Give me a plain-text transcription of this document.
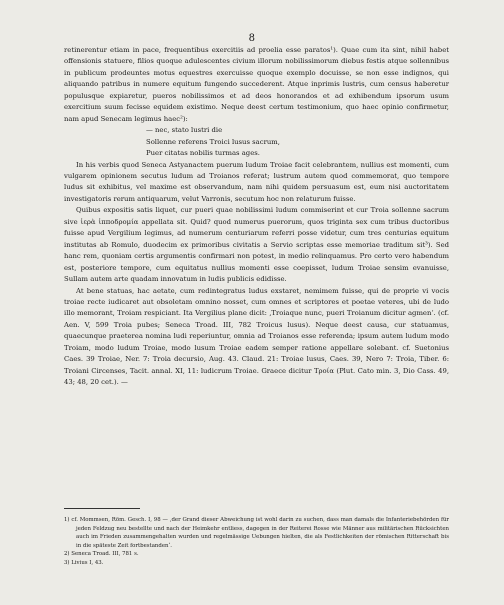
8

retinerentur etiam in pace, frequentibus exercitiis ad proelia esse paratos¹). Quae cum ita sint, nihil habet offensionis statuere, filios quoque adulescentes civium illorum nobilissimorum diebus festis atque sollennibus in publicum prodeuntes motus equestres exercuisse quoque exemplo docuisse, se non esse indignos, qui aliquando patribus in numere equitum fungendo succederent. Atque inprimis lustris, cum census haberetur populusque expiaretur, pueros nobilissimos et ad deos honorandos et ad exhibendum ipsorum usum exercitium suum fecisse equidem existimo. Neque deest certum testimonium, quo haec opinio confirmetur, nam apud Senecam legimus haec²):

— nec, stato lustri die
Sollenne referens Troici lusus sacrum,
Puer citatas nobilis turmas ages.

In his verbis quod Seneca Astyanactem puerum ludum Troiae facit celebrantem, nullius est momenti, cum vulgarem opinionem secutus ludum ad Troianos referat; lustrum autem quod commemorat, quo tempore ludus sit exhibitus, vel maxime est observandum, nam nihi quidem persuasum est, eum nisi auctoritatem investigatoris rerum antiquarum, velut Varronis, secutum hoc non relaturum fuisse.

Quibus expositis satis liquet, cur pueri quae nobilissimi ludum commiserint et cur Troia sollenne sacrum sive ἱερὰ ἱπποδρομία appellata sit. Quid? quod numerus puerorum, quos triginta sex cum tribus ductoribus fuisse apud Vergilium legimus, ad numerum centuriarum referri posse videtur, cum tres centurias equitum institutas ab Romulo, duodecim ex primoribus civitatis a Servio scriptas esse memoriae traditum sit³). Sed hanc rem, quoniam certis argumentis confirmari non potest, in medio relinquamus. Pro certo vero habendum est, posteriore tempore, cum equitatus nullius momenti esse coepisset, ludum Troiae sensim evanuisse, Sullam autem arte quadam innovatum in ludis publicis edidisse.

At bene statuas, hac aetate, cum redintegratus ludus exstaret, nemimem fuisse, qui de proprie vi vocis troiae recte iudicaret aut obsoletam omnino nosset, cum omnes et scriptores et poetae veteres, ubi de ludo illo memorant, Troiam respiciant. Ita Vergilius plane dicit: ‚Troiaque nunc, pueri Troianum dicitur agmen‘. (cf. Aen. V, 599 Troia pubes; Seneca Troad. III, 782 Troicus lusus). Neque deest causa, cur statuamus, quaecunque praeterea nomina ludi reperiuntur, omnia ad Troianos esse referenda; ipsum autem ludum modo Troiam, modo ludum Troiae, modo lusum Troiae eadem semper ratione appellare solebant. cf. Suetonius Caes. 39 Troiae, Ner. 7: Troia decursio, Aug. 43. Claud. 21: Troiae lusus, Caes. 39, Nero 7: Troia, Tiber. 6: Troiani Circenses, Tacit. annal. XI, 11: ludicrum Troiae. Graece dicitur Τροία (Plut. Cato min. 3, Dio Cass. 49, 43; 48, 20 cet.). —

1) cf. Mommsen, Röm. Gesch. I, 98 — ‚der Grand dieser Abweichung ist wohl darin zu suchen, dass man damals die Infanteriebehörden für jeden Feldzug neu bestellte und nach der Heimkehr entliess, dagegen in der Reiterei Rosse wie Männer aus militärischen Rücksichten auch im Frieden zusammengehalten wurden und regelmässige Uebungen hielten, die als Festlichkeiten der römischen Ritterschaft bis in die späteste Zeit fortbestanden‘.

2) Seneca Troad. III, 781 s.

3) Livius I, 43.
